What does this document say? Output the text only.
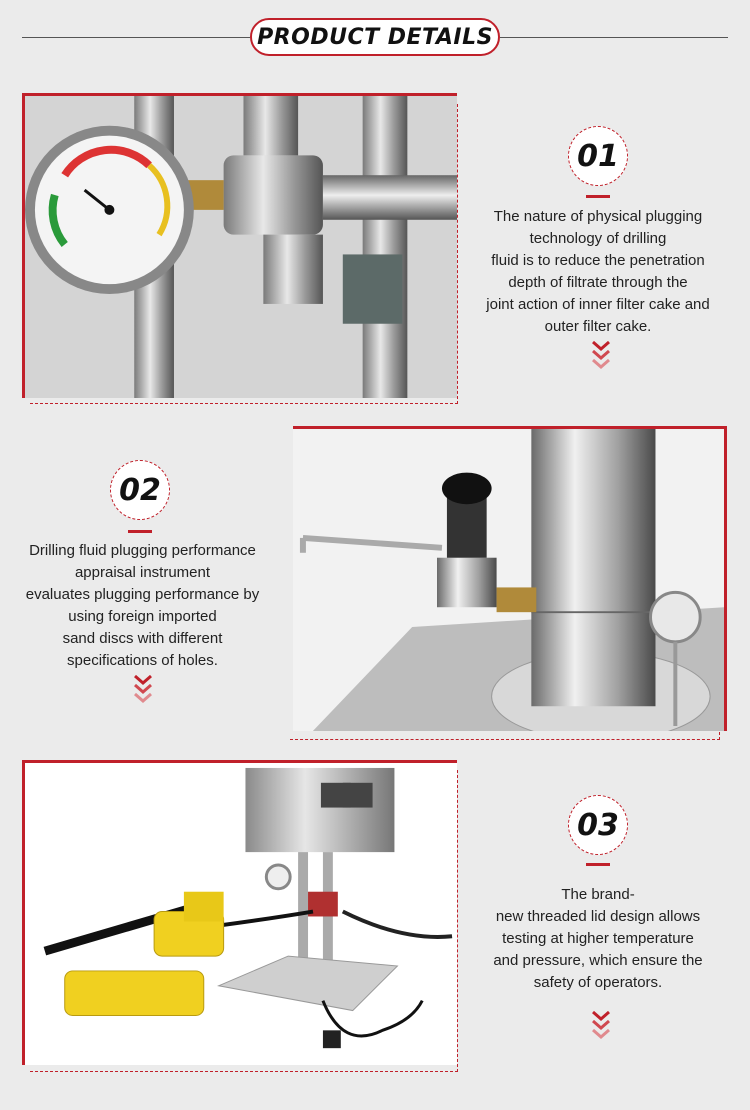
PRODUCT DETAILS
01
The nature of physical plugging
technology of drilling
fluid is to reduce the penetration
depth of filtrate through the
joint action of inner filter cake and
outer filter cake.
02
Drilling fluid plugging performance
appraisal instrument
evaluates plugging performance by
using foreign imported
sand discs with different
specifications of holes.
03
The brand-
new threaded lid design allows
testing at higher temperature
and pressure, which ensure the
safety of operators.
